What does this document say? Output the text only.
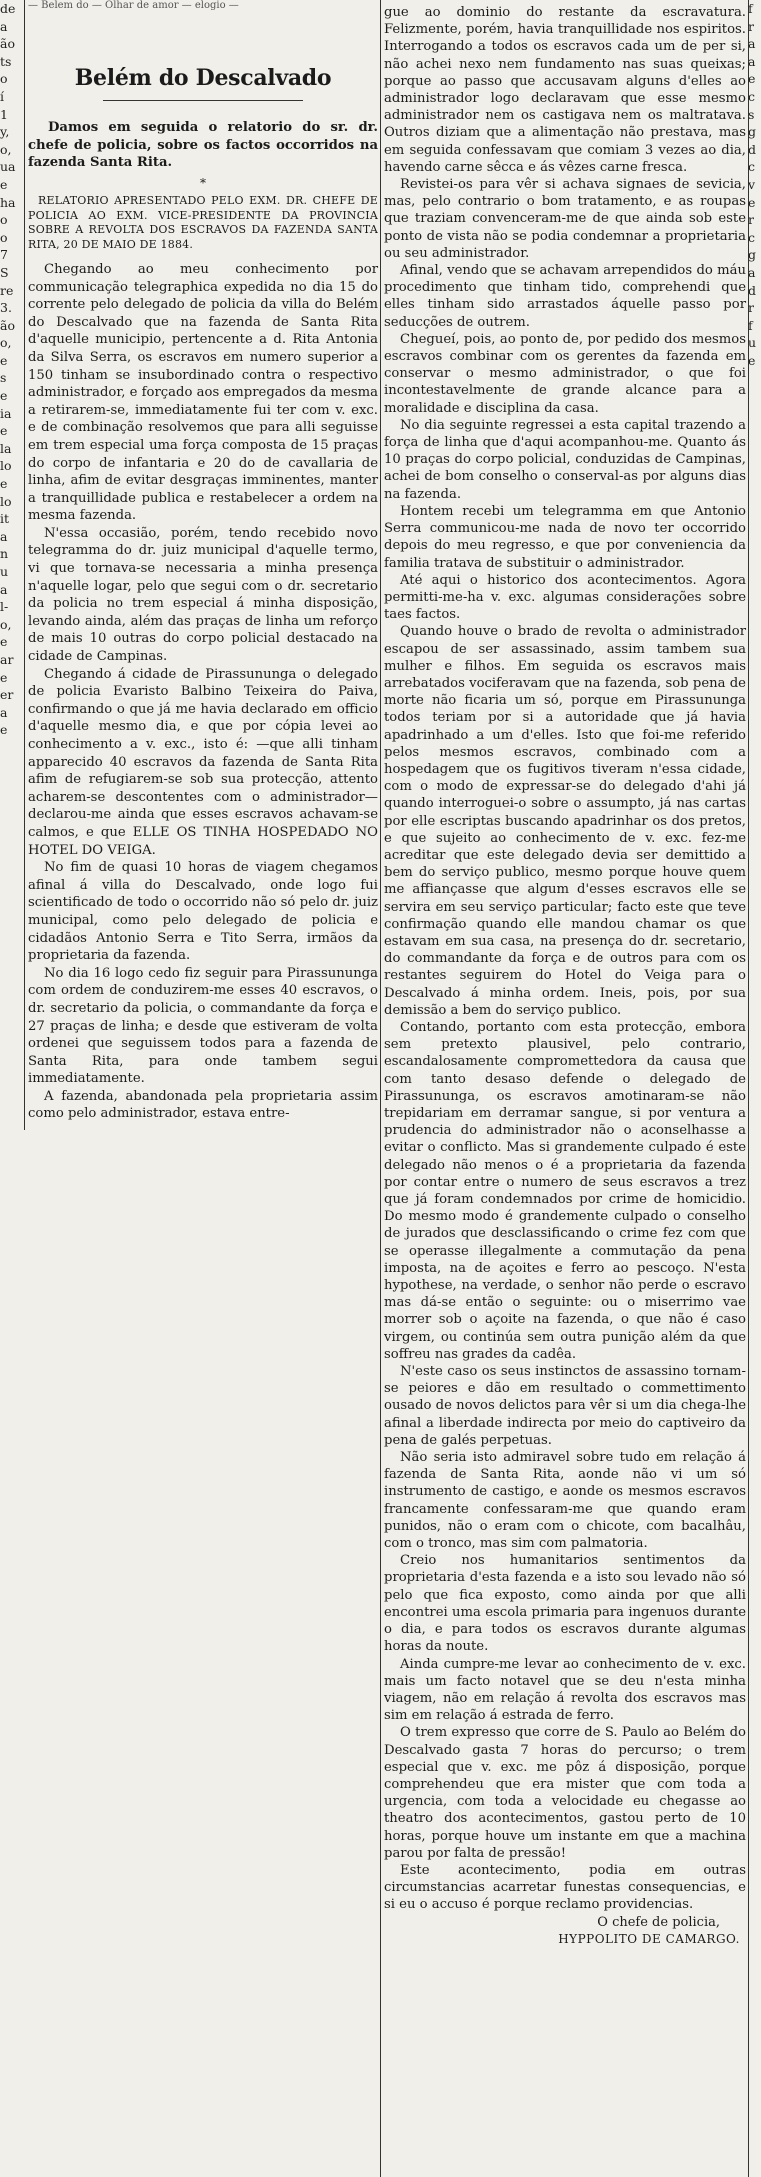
— Belem do — Olhar de amor — elogio —
de
a
ão
ts
o
í
1
y,
o,
ua
e
ha
o
o
7
S
re
3.
ão
o,
e
s
e
ia
e
la
lo
e
lo
it
a
n
u
a
l-
o,
e
ar
e
er
a
e
f
r
a
a
e
c
s
g
d
c
v
e
r
c
g
a
d
r
f
u
e
Belém do Descalvado

Damos em seguida o relatorio do sr. dr. chefe de policia, sobre os factos occorridos na fazenda Santa Rita.

*

RELATORIO APRESENTADO PELO EXM. DR. CHEFE DE POLICIA AO EXM. VICE-PRESIDENTE DA PROVINCIA SOBRE A REVOLTA DOS ESCRAVOS DA FAZENDA SANTA RITA, 20 DE MAIO DE 1884.

Chegando ao meu conhecimento por communicação telegraphica expedida no dia 15 do corrente pelo delegado de policia da villa do Belém do Descalvado que na fazenda de Santa Rita d'aquelle municipio, pertencente a d. Rita Antonia da Silva Serra, os escravos em numero superior a 150 tinham se insubordinado contra o respectivo administrador, e forçado aos empregados da mesma a retirarem-se, immediatamente fui ter com v. exc. e de combinação resolvemos que para alli seguisse em trem especial uma força composta de 15 praças do corpo de infantaria e 20 do de cavallaria de linha, afim de evitar desgraças imminentes, manter a tranquillidade publica e restabelecer a ordem na mesma fazenda.

N'essa occasião, porém, tendo recebido novo telegramma do dr. juiz municipal d'aquelle termo, vi que tornava-se necessaria a minha presença n'aquelle logar, pelo que segui com o dr. secretario da policia no trem especial á minha disposição, levando ainda, além das praças de linha um reforço de mais 10 outras do corpo policial destacado na cidade de Campinas.

Chegando á cidade de Pirassununga o delegado de policia Evaristo Balbino Teixeira do Paiva, confirmando o que já me havia declarado em officio d'aquelle mesmo dia, e que por cópia levei ao conhecimento a v. exc., isto é: —que alli tinham apparecido 40 escravos da fazenda de Santa Rita afim de refugiarem-se sob sua protecção, attento acharem-se descontentes com o administrador—declarou-me ainda que esses escravos achavam-se calmos, e que ELLE OS TINHA HOSPEDADO NO HOTEL DO VEIGA.

No fim de quasi 10 horas de viagem chegamos afinal á villa do Descalvado, onde logo fui scientificado de todo o occorrido não só pelo dr. juiz municipal, como pelo delegado de policia e cidadãos Antonio Serra e Tito Serra, irmãos da proprietaria da fazenda.

No dia 16 logo cedo fiz seguir para Pirassununga com ordem de conduzirem-me esses 40 escravos, o dr. secretario da policia, o commandante da força e 27 praças de linha; e desde que estiveram de volta ordenei que seguissem todos para a fazenda de Santa Rita, para onde tambem segui immediatamente.

A fazenda, abandonada pela proprietaria assim como pelo administrador, estava entre-

gue ao dominio do restante da escravatura. Felizmente, porém, havia tranquillidade nos espiritos. Interrogando a todos os escravos cada um de per si, não achei nexo nem fundamento nas suas queixas; porque ao passo que accusavam alguns d'elles ao administrador logo declaravam que esse mesmo administrador nem os castigava nem os maltratava. Outros diziam que a alimentação não prestava, mas em seguida confessavam que comiam 3 vezes ao dia, havendo carne sêcca e ás vêzes carne fresca.

Revistei-os para vêr si achava signaes de sevicia, mas, pelo contrario o bom tratamento, e as roupas que traziam convenceram-me de que ainda sob este ponto de vista não se podia condemnar a proprietaria ou seu administrador.

Afinal, vendo que se achavam arrependidos do máu procedimento que tinham tido, comprehendi que elles tinham sido arrastados áquelle passo por seducções de outrem.

Chegueí, pois, ao ponto de, por pedido dos mesmos escravos combinar com os gerentes da fazenda em conservar o mesmo administrador, o que foi incontestavelmente de grande alcance para a moralidade e disciplina da casa.

No dia seguinte regressei a esta capital trazendo a força de linha que d'aqui acompanhou-me. Quanto ás 10 praças do corpo policial, conduzidas de Campinas, achei de bom conselho o conserval-as por alguns dias na fazenda.

Hontem recebi um telegramma em que Antonio Serra communicou-me nada de novo ter occorrido depois do meu regresso, e que por conveniencia da familia tratava de substituir o administrador.

Até aqui o historico dos acontecimentos. Agora permitti-me-ha v. exc. algumas considerações sobre taes factos.

Quando houve o brado de revolta o administrador escapou de ser assassinado, assim tambem sua mulher e filhos. Em seguida os escravos mais arrebatados vociferavam que na fazenda, sob pena de morte não ficaria um só, porque em Pirassununga todos teriam por si a autoridade que já havia apadrinhado a um d'elles. Isto que foi-me referido pelos mesmos escravos, combinado com a hospedagem que os fugitivos tiveram n'essa cidade, com o modo de expressar-se do delegado d'ahi já quando interroguei-o sobre o assumpto, já nas cartas por elle escriptas buscando apadrinhar os dos pretos, e que sujeito ao conhecimento de v. exc. fez-me acreditar que este delegado devia ser demittido a bem do serviço publico, mesmo porque houve quem me affiançasse que algum d'esses escravos elle se servira em seu serviço particular; facto este que teve confirmação quando elle mandou chamar os que estavam em sua casa, na presença do dr. secretario, do commandante da força e de outros para com os restantes seguirem do Hotel do Veiga para o Descalvado á minha ordem. Ineis, pois, por sua demissão a bem do serviço publico.

Contando, portanto com esta protecção, embora sem pretexto plausivel, pelo contrario, escandalosamente compromettedora da causa que com tanto desaso defende o delegado de Pirassununga, os escravos amotinaram-se não trepidariam em derramar sangue, si por ventura a prudencia do administrador não o aconselhasse a evitar o conflicto. Mas si grandemente culpado é este delegado não menos o é a proprietaria da fazenda por contar entre o numero de seus escravos a trez que já foram condemnados por crime de homicidio. Do mesmo modo é grandemente culpado o conselho de jurados que desclassificando o crime fez com que se operasse illegalmente a commutação da pena imposta, na de açoites e ferro ao pescoço. N'esta hypothese, na verdade, o senhor não perde o escravo mas dá-se então o seguinte: ou o miserrimo vae morrer sob o açoite na fazenda, o que não é caso virgem, ou continúa sem outra punição além da que soffreu nas grades da cadêa.

N'este caso os seus instinctos de assassino tornam-se peiores e dão em resultado o commettimento ousado de novos delictos para vêr si um dia chega-lhe afinal a liberdade indirecta por meio do captiveiro da pena de galés perpetuas.

Não seria isto admiravel sobre tudo em relação á fazenda de Santa Rita, aonde não vi um só instrumento de castigo, e aonde os mesmos escravos francamente confessaram-me que quando eram punidos, não o eram com o chicote, com bacalhâu, com o tronco, mas sim com palmatoria.

Creio nos humanitarios sentimentos da proprietaria d'esta fazenda e a isto sou levado não só pelo que fica exposto, como ainda por que alli encontrei uma escola primaria para ingenuos durante o dia, e para todos os escravos durante algumas horas da noute.

Ainda cumpre-me levar ao conhecimento de v. exc. mais um facto notavel que se deu n'esta minha viagem, não em relação á revolta dos escravos mas sim em relação á estrada de ferro.

O trem expresso que corre de S. Paulo ao Belém do Descalvado gasta 7 horas do percurso; o trem especial que v. exc. me pôz á disposição, porque comprehendeu que era mister que com toda a urgencia, com toda a velocidade eu chegasse ao theatro dos acontecimentos, gastou perto de 10 horas, porque houve um instante em que a machina parou por falta de pressão!

Este acontecimento, podia em outras circumstancias acarretar funestas consequencias, e si eu o accuso é porque reclamo providencias.

O chefe de policia,

HYPPOLITO DE CAMARGO.
